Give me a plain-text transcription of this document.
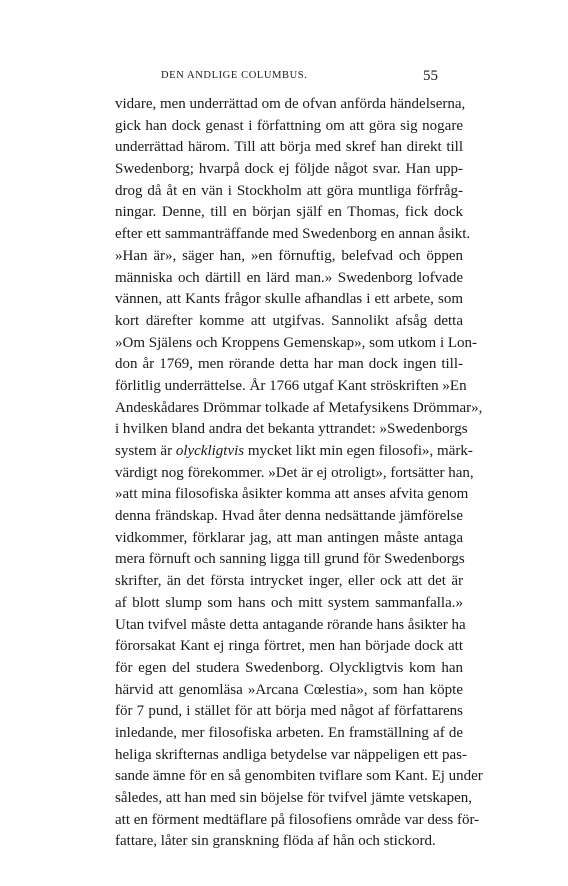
DEN ANDLIGE COLUMBUS.	55
vidare, men underrättad om de ofvan anförda händelserna,
gick han dock genast i författning om att göra sig nogare
underrättad härom. Till att börja med skref han direkt till
Swedenborg; hvarpå dock ej följde något svar. Han upp-
drog då åt en vän i Stockholm att göra muntliga förfråg-
ningar. Denne, till en början själf en Thomas, fick dock
efter ett sammanträffande med Swedenborg en annan åsikt.
»Han är», säger han, »en förnuftig, belefvad och öppen
människa och därtill en lärd man.» Swedenborg lofvade
vännen, att Kants frågor skulle afhandlas i ett arbete, som
kort därefter komme att utgifvas. Sannolikt afsåg detta
»Om Själens och Kroppens Gemenskap», som utkom i Lon-
don år 1769, men rörande detta har man dock ingen till-
förlitlig underrättelse. År 1766 utgaf Kant ströskriften »En
Andeskådares Drömmar tolkade af Metafysikens Drömmar»,
i hvilken bland andra det bekanta yttrandet: »Swedenborgs
system är olyckligtvis mycket likt min egen filosofi», märk-
värdigt nog förekommer. »Det är ej otroligt», fortsätter han,
»att mina filosofiska åsikter komma att anses afvita genom
denna frändskap. Hvad åter denna nedsättande jämförelse
vidkommer, förklarar jag, att man antingen måste antaga
mera förnuft och sanning ligga till grund för Swedenborgs
skrifter, än det första intrycket inger, eller ock att det är
af blott slump som hans och mitt system sammanfalla.»
Utan tvifvel måste detta antagande rörande hans åsikter ha
förorsakat Kant ej ringa förtret, men han började dock att
för egen del studera Swedenborg. Olyckligtvis kom han
härvid att genomläsa »Arcana Cœlestia», som han köpte
för 7 pund, i stället för att börja med något af författarens
inledande, mer filosofiska arbeten. En framställning af de
heliga skrifternas andliga betydelse var näppeligen ett pas-
sande ämne för en så genombiten tviflare som Kant. Ej under
således, att han med sin böjelse för tvifvel jämte vetskapen,
att en förment medtäflare på filosofiens område var dess för-
fattare, låter sin granskning flöda af hån och stickord.
